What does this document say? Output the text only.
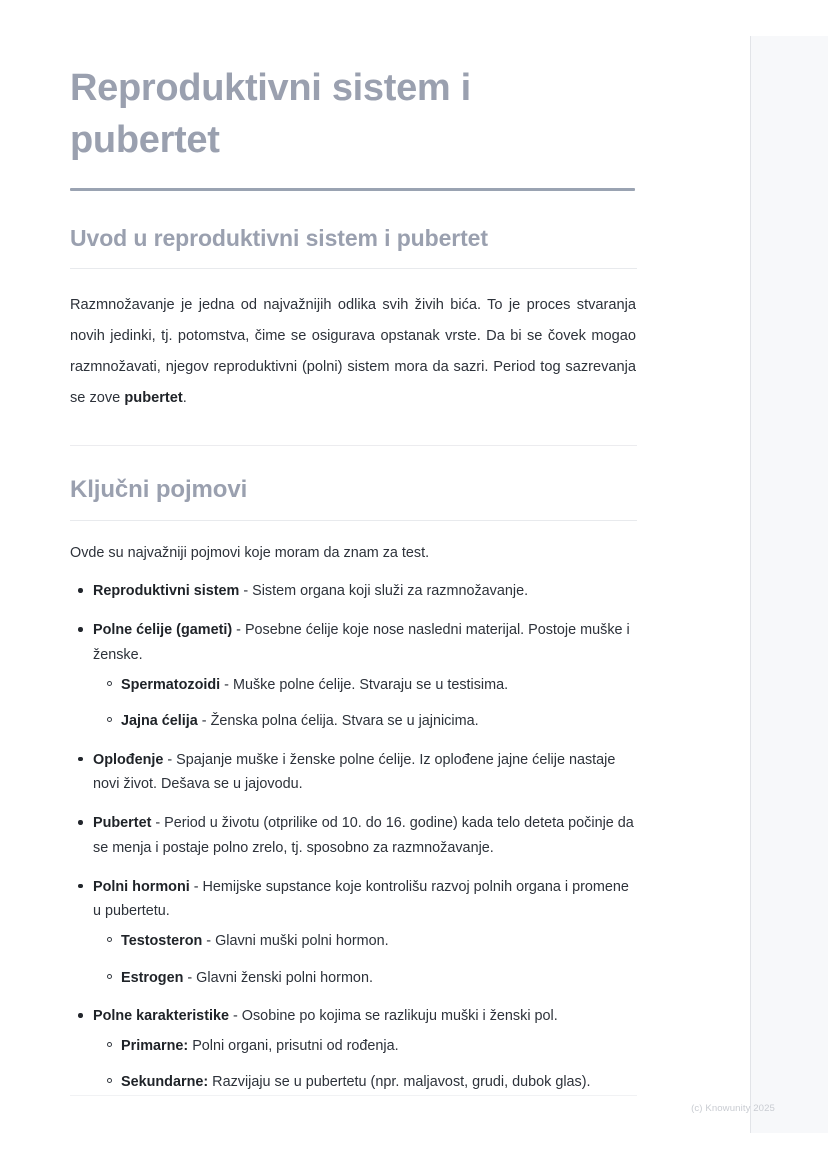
Reproduktivni sistem i pubertet
Uvod u reproduktivni sistem i pubertet

Razmnožavanje je jedna od najvažnijih odlika svih živih bića. To je proces stvaranja novih jedinki, tj. potomstva, čime se osigurava opstanak vrste. Da bi se čovek mogao razmnožavati, njegov reproduktivni (polni) sistem mora da sazri. Period tog sazrevanja se zove pubertet.

Ključni pojmovi

Ovde su najvažniji pojmovi koje moram da znam za test.

Reproduktivni sistem - Sistem organa koji služi za razmnožavanje.
Polne ćelije (gameti) - Posebne ćelije koje nose nasledni materijal. Postoje muške i ženske.
Spermatozoidi - Muške polne ćelije. Stvaraju se u testisima.
Jajna ćelija - Ženska polna ćelija. Stvara se u jajnicima.
Oplođenje - Spajanje muške i ženske polne ćelije. Iz oplođene jajne ćelije nastaje novi život. Dešava se u jajovodu.
Pubertet - Period u životu (otprilike od 10. do 16. godine) kada telo deteta počinje da se menja i postaje polno zrelo, tj. sposobno za razmnožavanje.
Polni hormoni - Hemijske supstance koje kontrolišu razvoj polnih organa i promene u pubertetu.
Testosteron - Glavni muški polni hormon.
Estrogen - Glavni ženski polni hormon.
Polne karakteristike - Osobine po kojima se razlikuju muški i ženski pol.
Primarne: Polni organi, prisutni od rođenja.
Sekundarne: Razvijaju se u pubertetu (npr. maljavost, grudi, dubok glas).
(c) Knowunity 2025
